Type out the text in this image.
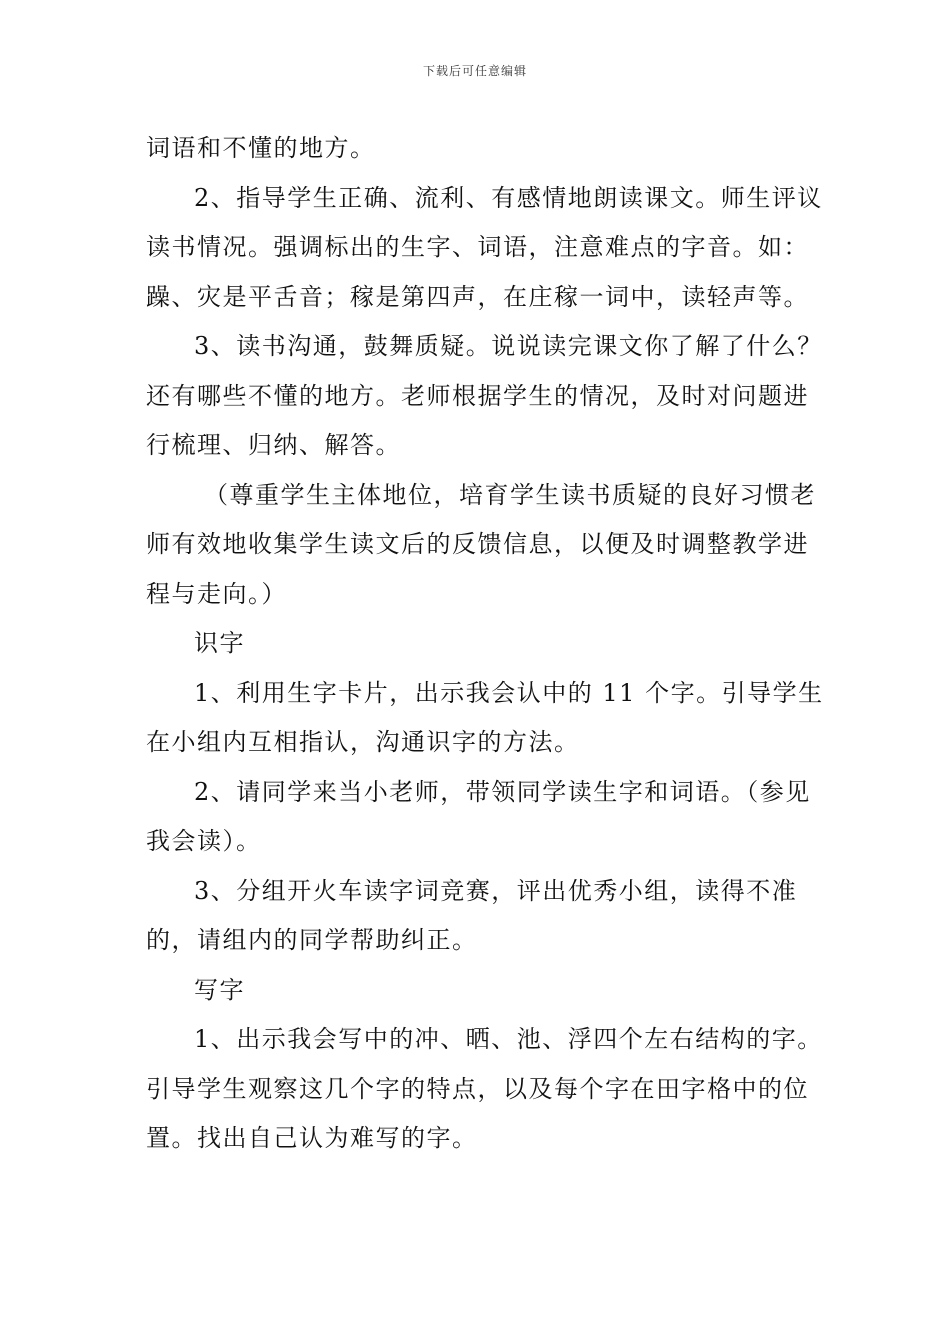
下载后可任意编辑

词语和不懂的地方。

2、指导学生正确、流利、有感情地朗读课文。师生评议读书情况。强调标出的生字、词语，注意难点的字音。如：躁、灾是平舌音；稼是第四声，在庄稼一词中，读轻声等。

3、读书沟通，鼓舞质疑。说说读完课文你了解了什么？还有哪些不懂的地方。老师根据学生的情况，及时对问题进行梳理、归纳、解答。

（尊重学生主体地位，培育学生读书质疑的良好习惯老师有效地收集学生读文后的反馈信息，以便及时调整教学进程与走向。）

识字

1、利用生字卡片，出示我会认中的 11 个字。引导学生在小组内互相指认，沟通识字的方法。

2、请同学来当小老师，带领同学读生字和词语。（参见我会读）。

3、分组开火车读字词竞赛，评出优秀小组，读得不准的，请组内的同学帮助纠正。

写字

1、出示我会写中的冲、晒、池、浮四个左右结构的字。引导学生观察这几个字的特点，以及每个字在田字格中的位置。找出自己认为难写的字。
